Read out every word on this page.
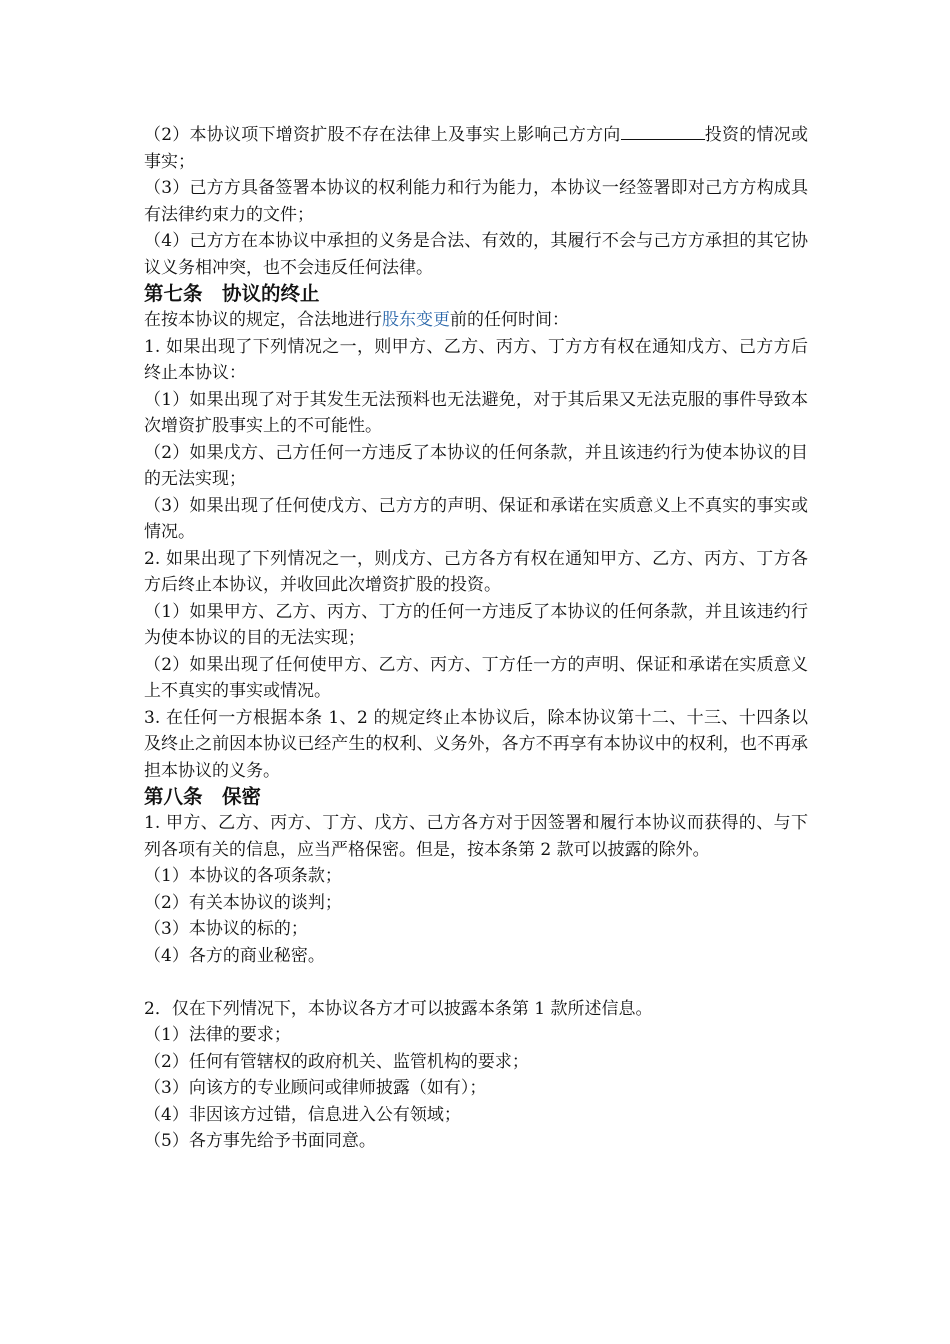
（2）本协议项下增资扩股不存在法律上及事实上影响己方方向	投资的情况或事实；

（3）己方方具备签署本协议的权利能力和行为能力，本协议一经签署即对己方方构成具有法律约束力的文件；

（4）己方方在本协议中承担的义务是合法、有效的，其履行不会与己方方承担的其它协议义务相冲突，也不会违反任何法律。

第七条　协议的终止

在按本协议的规定，合法地进行股东变更前的任何时间：

1. 如果出现了下列情况之一，则甲方、乙方、丙方、丁方方有权在通知戊方、己方方后终止本协议：

（1）如果出现了对于其发生无法预料也无法避免，对于其后果又无法克服的事件导致本次增资扩股事实上的不可能性。

（2）如果戊方、己方任何一方违反了本协议的任何条款，并且该违约行为使本协议的目的无法实现；

（3）如果出现了任何使戊方、己方方的声明、保证和承诺在实质意义上不真实的事实或情况。

2. 如果出现了下列情况之一，则戊方、己方各方有权在通知甲方、乙方、丙方、丁方各方后终止本协议，并收回此次增资扩股的投资。

（1）如果甲方、乙方、丙方、丁方的任何一方违反了本协议的任何条款，并且该违约行为使本协议的目的无法实现；

（2）如果出现了任何使甲方、乙方、丙方、丁方任一方的声明、保证和承诺在实质意义上不真实的事实或情况。

3. 在任何一方根据本条 1、2 的规定终止本协议后，除本协议第十二、十三、十四条以及终止之前因本协议已经产生的权利、义务外，各方不再享有本协议中的权利，也不再承担本协议的义务。

第八条　保密

1. 甲方、乙方、丙方、丁方、戊方、己方各方对于因签署和履行本协议而获得的、与下列各项有关的信息，应当严格保密。但是，按本条第 2 款可以披露的除外。

（1）本协议的各项条款；

（2）有关本协议的谈判；

（3）本协议的标的；

（4）各方的商业秘密。

2．仅在下列情况下，本协议各方才可以披露本条第 1 款所述信息。

（1）法律的要求；

（2）任何有管辖权的政府机关、监管机构的要求；

（3）向该方的专业顾问或律师披露（如有）；

（4）非因该方过错，信息进入公有领域；

（5）各方事先给予书面同意。
